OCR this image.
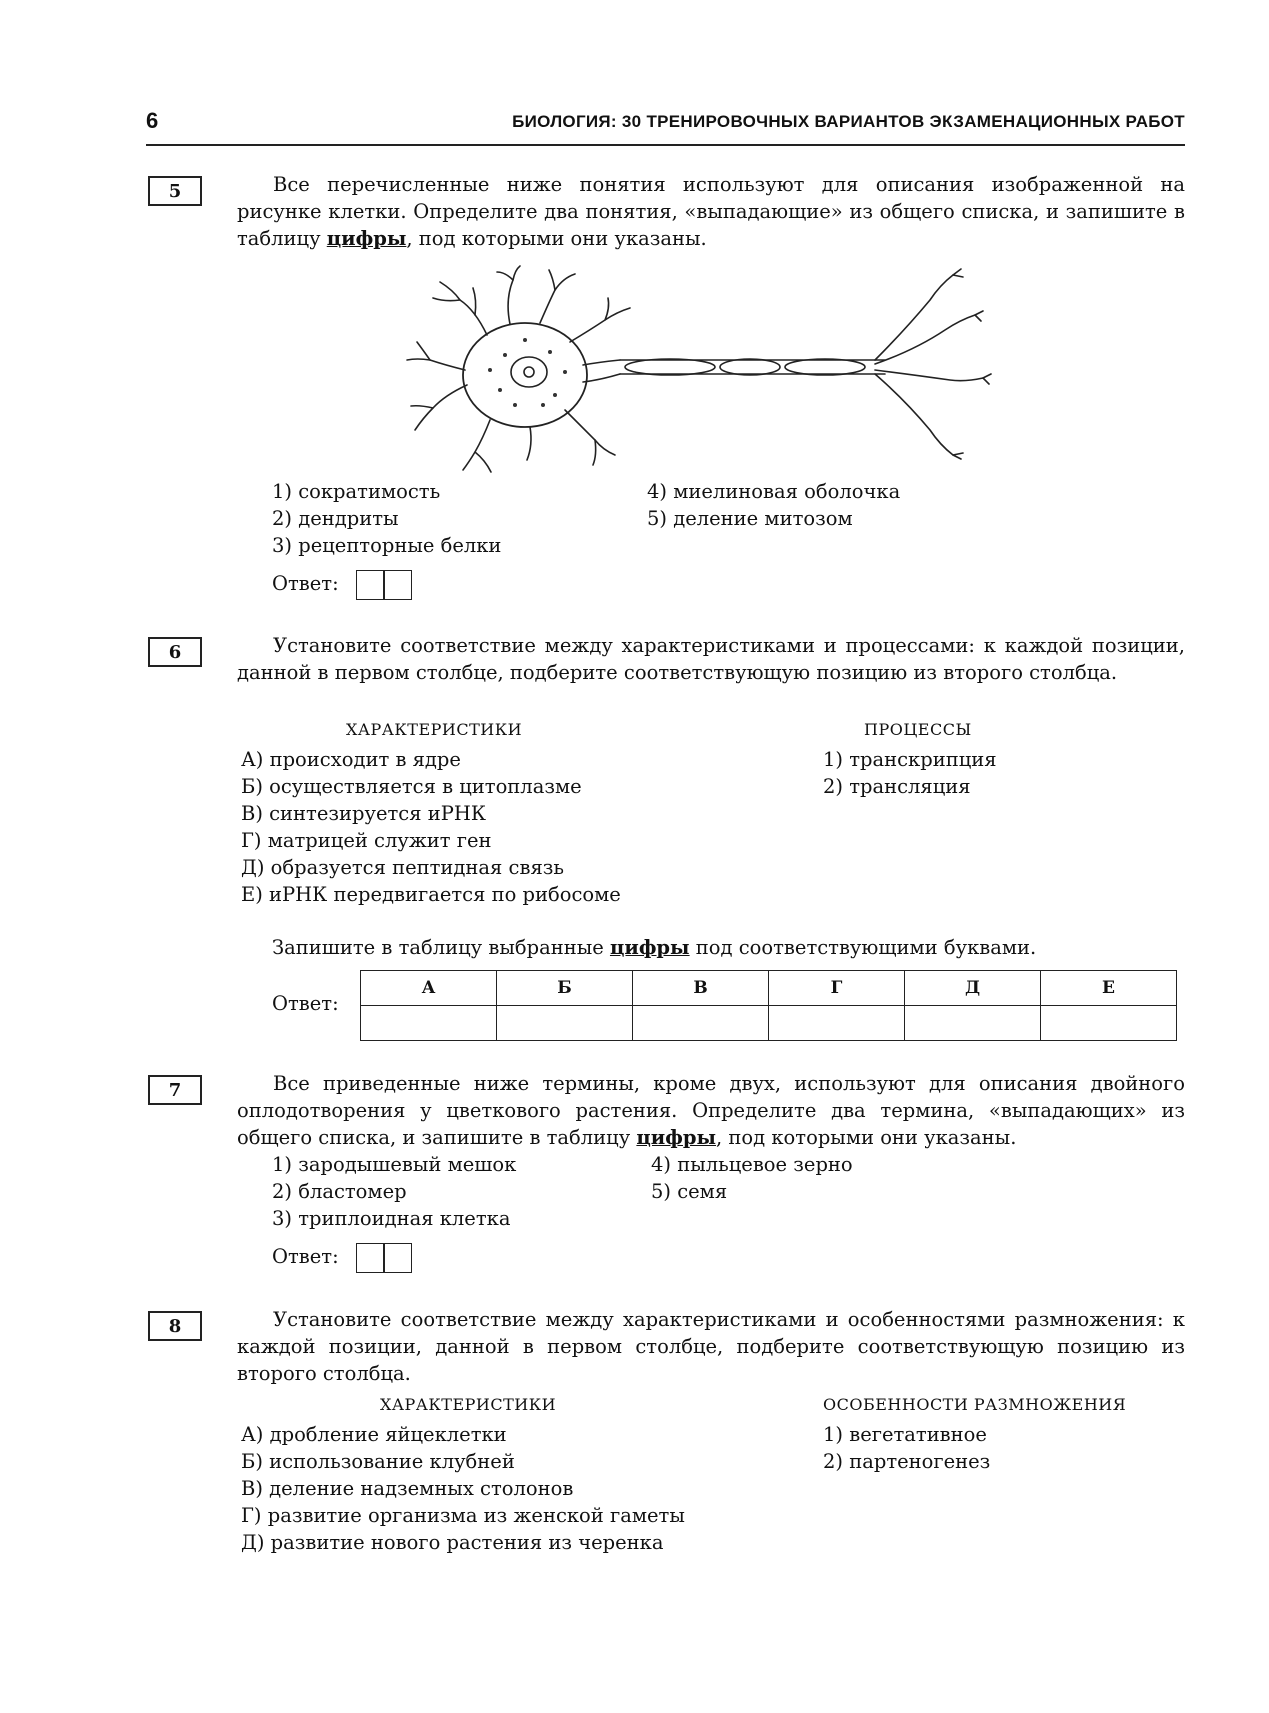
6	БИОЛОГИЯ: 30 ТРЕНИРОВОЧНЫХ ВАРИАНТОВ ЭКЗАМЕНАЦИОННЫХ РАБОТ
5	Все перечисленные ниже понятия используют для описания изображенной на рисунке клетки. Определите два понятия, «выпадающие» из общего списка, и запишите в таблицу цифры, под которыми они указаны.
1) сократимость
2) дендриты
3) рецепторные белки
4) миелиновая оболочка
5) деление митозом
Ответ:
6	Установите соответствие между характеристиками и процессами: к каждой позиции, данной в первом столбце, подберите соответствующую позицию из второго столбца.
ХАРАКТЕРИСТИКИ	ПРОЦЕССЫ
А) происходит в ядре
Б) осуществляется в цитоплазме
В) синтезируется иРНК
Г) матрицей служит ген
Д) образуется пептидная связь
Е) иРНК передвигается по рибосоме
1) транскрипция
2) трансляция
Запишите в таблицу выбранные цифры под соответствующими буквами.
Ответ:
А	Б	В	Г	Д	Е

7	Все приведенные ниже термины, кроме двух, используют для описания двойного оплодотворения у цветкового растения. Определите два термина, «выпадающих» из общего списка, и запишите в таблицу цифры, под которыми они указаны.
1) зародышевый мешок
2) бластомер
3) триплоидная клетка
4) пыльцевое зерно
5) семя
Ответ:
8	Установите соответствие между характеристиками и особенностями размножения: к каждой позиции, данной в первом столбце, подберите соответствующую позицию из второго столбца.
ХАРАКТЕРИСТИКИ	ОСОБЕННОСТИ РАЗМНОЖЕНИЯ
А) дробление яйцеклетки
Б) использование клубней
В) деление надземных столонов
Г) развитие организма из женской гаметы
Д) развитие нового растения из черенка
1) вегетативное
2) партеногенез
